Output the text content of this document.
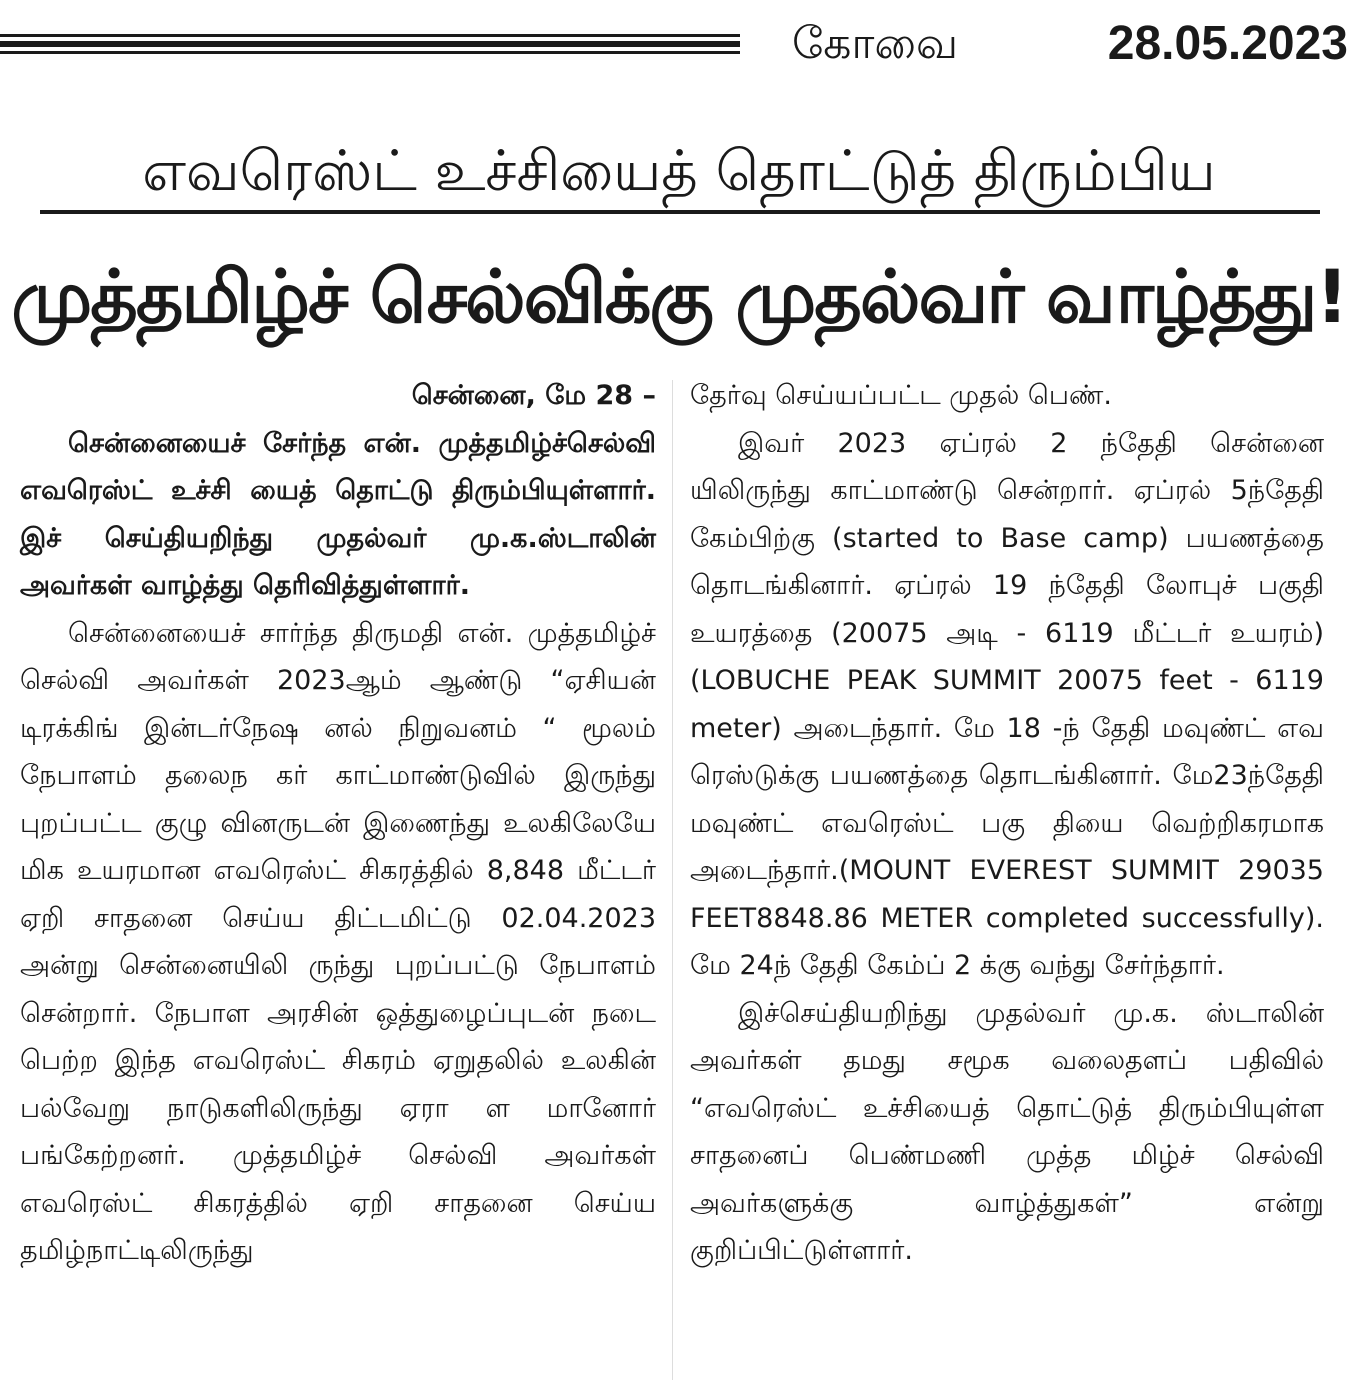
கோவை	28.05.2023
எவரெஸ்ட் உச்சியைத் தொட்டுத் திரும்பிய
முத்தமிழ்ச் செல்விக்கு முதல்வர் வாழ்த்து!

சென்னை, மே 28 –

சென்னையைச் சேர்ந்த என். முத்தமிழ்ச்செல்வி எவரெஸ்ட் உச்சி யைத் தொட்டு திரும்பியுள்ளார். இச் செய்தியறிந்து முதல்வர் மு.க.ஸ்டாலின் அவர்கள் வாழ்த்து தெரிவித்துள்ளார்.

சென்னையைச் சார்ந்த திருமதி என். முத்தமிழ்ச் செல்வி அவர்கள் 2023ஆம் ஆண்டு “ஏசியன் டிரக்கிங் இன்டர்நேஷ னல் நிறுவனம் “ மூலம் நேபாளம் தலைந கர் காட்மாண்டுவில் இருந்து புறப்பட்ட குழு வினருடன் இணைந்து உலகிலேயே மிக உயரமான எவரெஸ்ட் சிகரத்தில் 8,848 மீட்டர் ஏறி சாதனை செய்ய திட்டமிட்டு 02.04.2023 அன்று சென்னையிலி ருந்து புறப்பட்டு நேபாளம் சென்றார். நேபாள அரசின் ஒத்துழைப்புடன் நடை பெற்ற இந்த எவரெஸ்ட் சிகரம் ஏறுதலில் உலகின் பல்வேறு நாடுகளிலிருந்து ஏரா ள மானோர் பங்கேற்றனர். முத்தமிழ்ச் செல்வி அவர்கள் எவரெஸ்ட் சிகரத்தில் ஏறி சாதனை செய்ய தமிழ்நாட்டிலிருந்து

தேர்வு செய்யப்பட்ட முதல் பெண்.

இவர் 2023 ஏப்ரல் 2 ந்தேதி சென்னை யிலிருந்து காட்மாண்டு சென்றார். ஏப்ரல் 5ந்தேதி கேம்பிற்கு (started to Base camp) பயணத்தை தொடங்கினார். ஏப்ரல் 19 ந்தேதி லோபுச் பகுதி உயரத்தை (20075 அடி - 6119 மீட்டர் உயரம்) (LOBUCHE PEAK SUMMIT 20075 feet - 6119 meter) அடைந்தார். மே 18 -ந் தேதி மவுண்ட் எவ ரெஸ்டுக்கு பயணத்தை தொடங்கினார். மே23ந்தேதி மவுண்ட் எவரெஸ்ட் பகு தியை வெற்றிகரமாக அடைந்தார்.(MOUNT EVEREST SUMMIT 29035 FEET8848.86 METER completed successfully). மே 24ந் தேதி கேம்ப் 2 க்கு வந்து சேர்ந்தார்.

இச்செய்தியறிந்து முதல்வர் மு.க. ஸ்டாலின் அவர்கள் தமது சமூக வலைதளப் பதிவில் “எவரெஸ்ட் உச்சியைத் தொட்டுத் திரும்பியுள்ள சாதனைப் பெண்மணி முத்த மிழ்ச் செல்வி அவர்களுக்கு வாழ்த்துகள்” என்று குறிப்பிட்டுள்ளார்.
